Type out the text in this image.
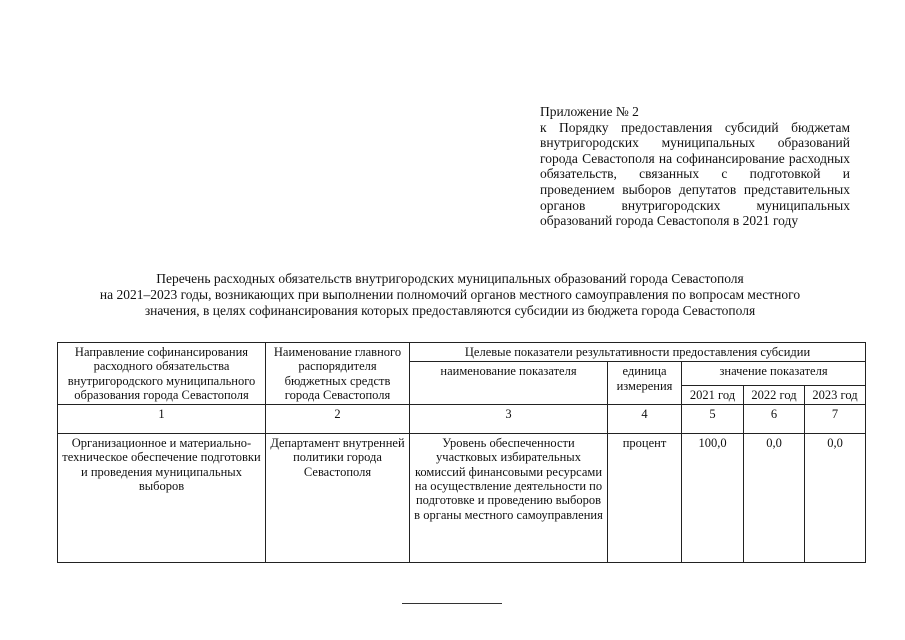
Приложение № 2
к Порядку предоставления субсидий бюджетам внутригородских муниципальных образований города Севастополя на софинансирование расходных обязательств, связанных с подготовкой и проведением выборов депутатов представительных органов внутригородских муниципальных образований города Севастополя в 2021 году
Перечень расходных обязательств внутригородских муниципальных образований города Севастополя
на 2021–2023 годы, возникающих при выполнении полномочий органов местного самоуправления по вопросам местного
значения, в целях софинансирования которых предоставляются субсидии из бюджета города Севастополя
Направление софинансирования расходного обязательства внутригородского муниципального образования города Севастополя	Наименование главного распорядителя бюджетных средств города Севастополя	Целевые показатели результативности предоставления субсидии				
		наименование показателя	единица измерения	значение показателя		
				2021 год	2022 год	2023 год
1	2	3	4	5	6	7
Организационное и материально-техническое обеспечение подготовки и проведения муниципальных выборов	Департамент внутренней политики города Севастополя	Уровень обеспеченности участковых избирательных комиссий финансовыми ресурсами на осуществление деятельности по подготовке и проведению выборов в органы местного самоуправления	процент	100,0	0,0	0,0
